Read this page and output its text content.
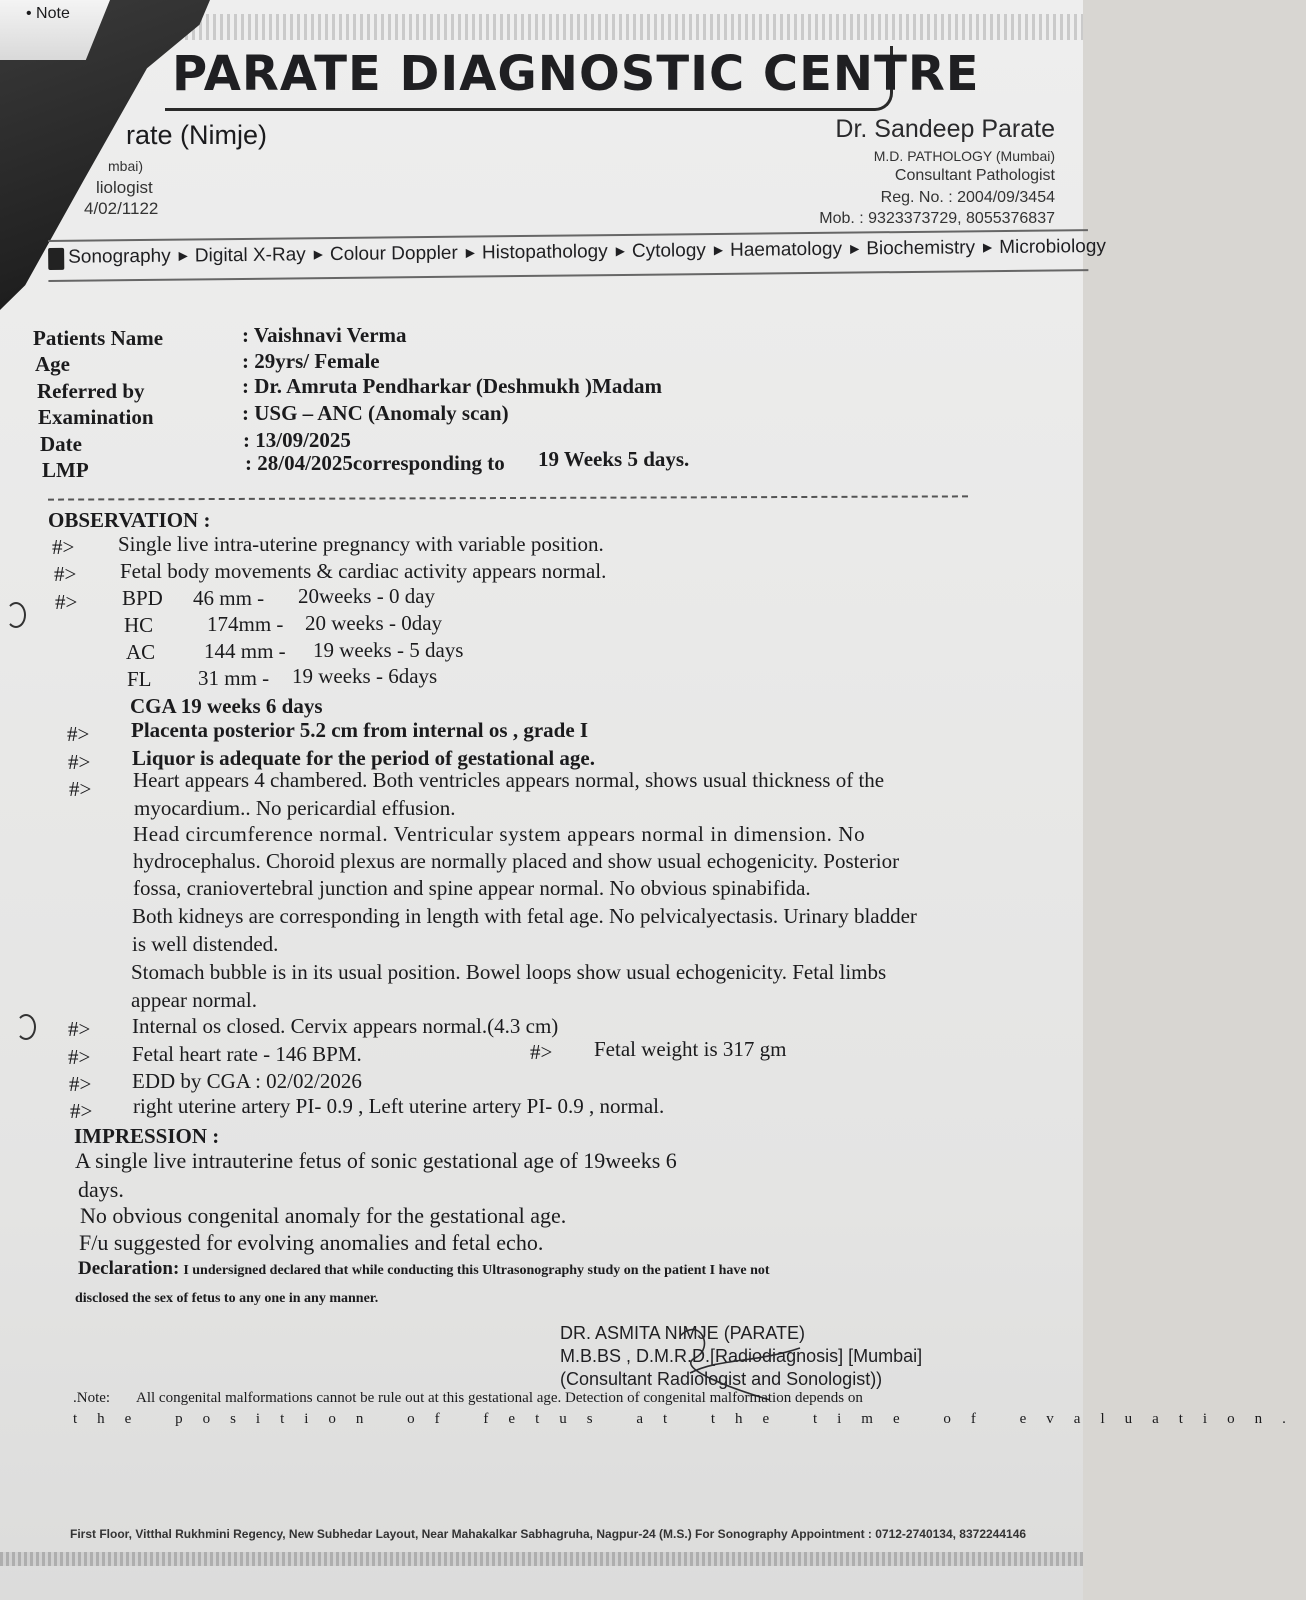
• Note
PARATE DIAGNOSTIC CENTRE
rate (Nimje)
mbai)
liologist
4/02/1122
Dr. Sandeep Parate
M.D. PATHOLOGY (Mumbai)
Consultant Pathologist
Reg. No. : 2004/09/3454
Mob. : 9323373729, 8055376837
Sonography ▶ Digital X-Ray ▶ Colour Doppler ▶ Histopathology ▶ Cytology ▶ Haematology ▶ Biochemistry ▶ Microbiology
Patients Name	: Vaishnavi Verma
Age	: 29yrs/ Female
Referred by	: Dr. Amruta Pendharkar (Deshmukh )Madam
Examination	: USG – ANC (Anomaly scan)
Date	: 13/09/2025
LMP	: 28/04/2025corresponding to 19 Weeks 5 days.
OBSERVATION :
#> Single live intra-uterine pregnancy with variable position.
#> Fetal body movements & cardiac activity appears normal.
#> BPD 46 mm - 20weeks - 0 day
HC	174mm - 20 weeks - 0day
AC 144 mm - 19 weeks - 5 days
FL 31 mm - 19 weeks - 6days
CGA 19 weeks 6 days
#> Placenta posterior 5.2 cm from internal os , grade I
#> Liquor is adequate for the period of gestational age.
#> Heart appears 4 chambered. Both ventricles appears normal, shows usual thickness of the
myocardium.. No pericardial effusion.
Head circumference normal. Ventricular system appears normal in dimension. No
hydrocephalus. Choroid plexus are normally placed and show usual echogenicity. Posterior
fossa, craniovertebral junction and spine appear normal. No obvious spinabifida.
Both kidneys are corresponding in length with fetal age. No pelvicalyectasis. Urinary bladder
is well distended.
Stomach bubble is in its usual position. Bowel loops show usual echogenicity. Fetal limbs
appear normal.
#> Internal os closed. Cervix appears normal.(4.3 cm)
#> Fetal heart rate - 146 BPM.	#> Fetal weight is 317 gm
#> EDD by CGA : 02/02/2026
#> right uterine artery PI- 0.9 , Left uterine artery PI- 0.9 , normal.
IMPRESSION :
A single live intrauterine fetus of sonic gestational age of 19weeks 6
days.
No obvious congenital anomaly for the gestational age.
F/u suggested for evolving anomalies and fetal echo.
Declaration: I undersigned declared that while conducting this Ultrasonography study on the patient I have not
disclosed the sex of fetus to any one in any manner.
DR. ASMITA NIMJE (PARATE)
M.B.BS , D.M.R.D.[Radiodiagnosis] [Mumbai]
(Consultant Radiologist and Sonologist))
.Note: All congenital malformations cannot be rule out at this gestational age. Detection of congenital malformation depends on
the position of fetus at the time of evaluation.
First Floor, Vitthal Rukhmini Regency, New Subhedar Layout, Near Mahakalkar Sabhagruha, Nagpur-24 (M.S.) For Sonography Appointment : 0712-2740134, 8372244146
